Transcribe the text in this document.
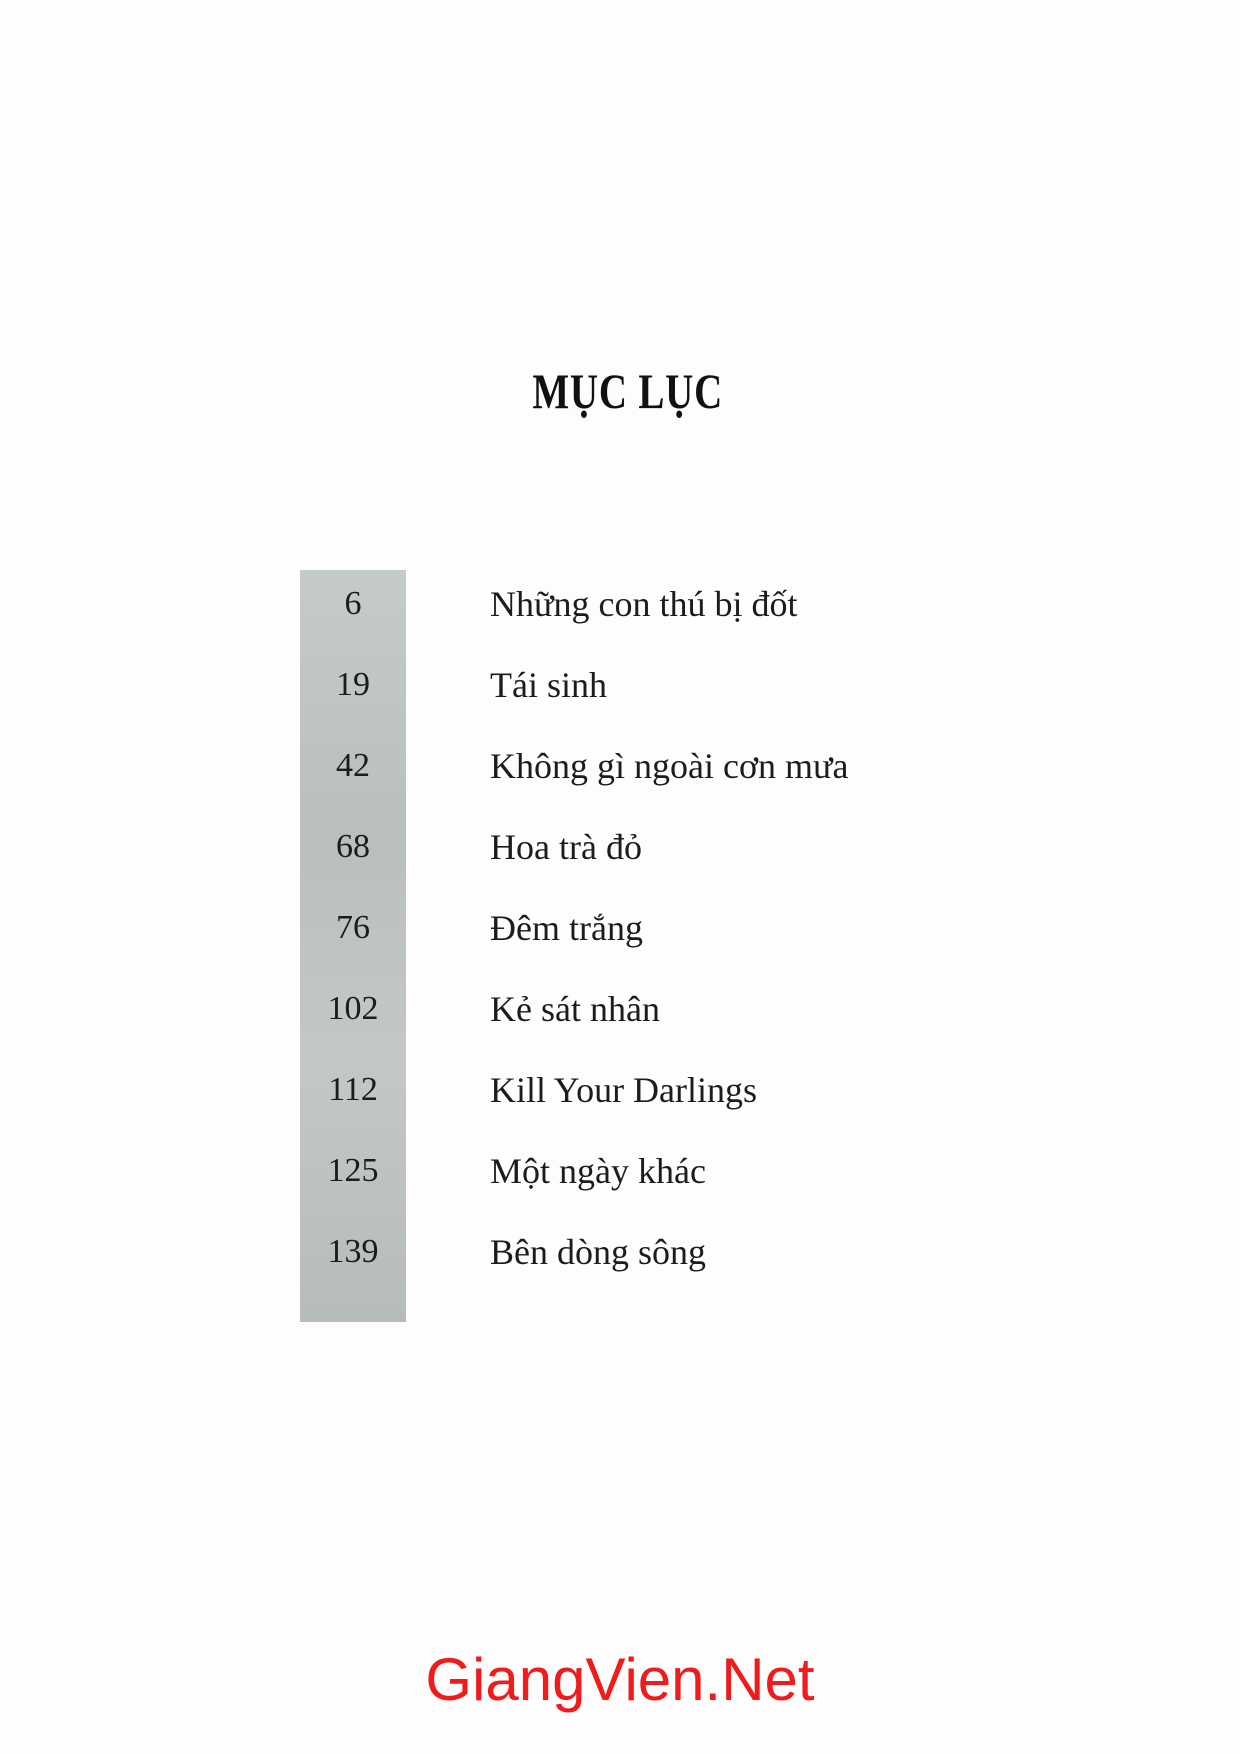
MỤC LỤC
6	Những con thú bị đốt
19	Tái sinh
42	Không gì ngoài cơn mưa
68	Hoa trà đỏ
76	Đêm trắng
102	Kẻ sát nhân
112	Kill Your Darlings
125	Một ngày khác
139	Bên dòng sông
GiangVien.Net
